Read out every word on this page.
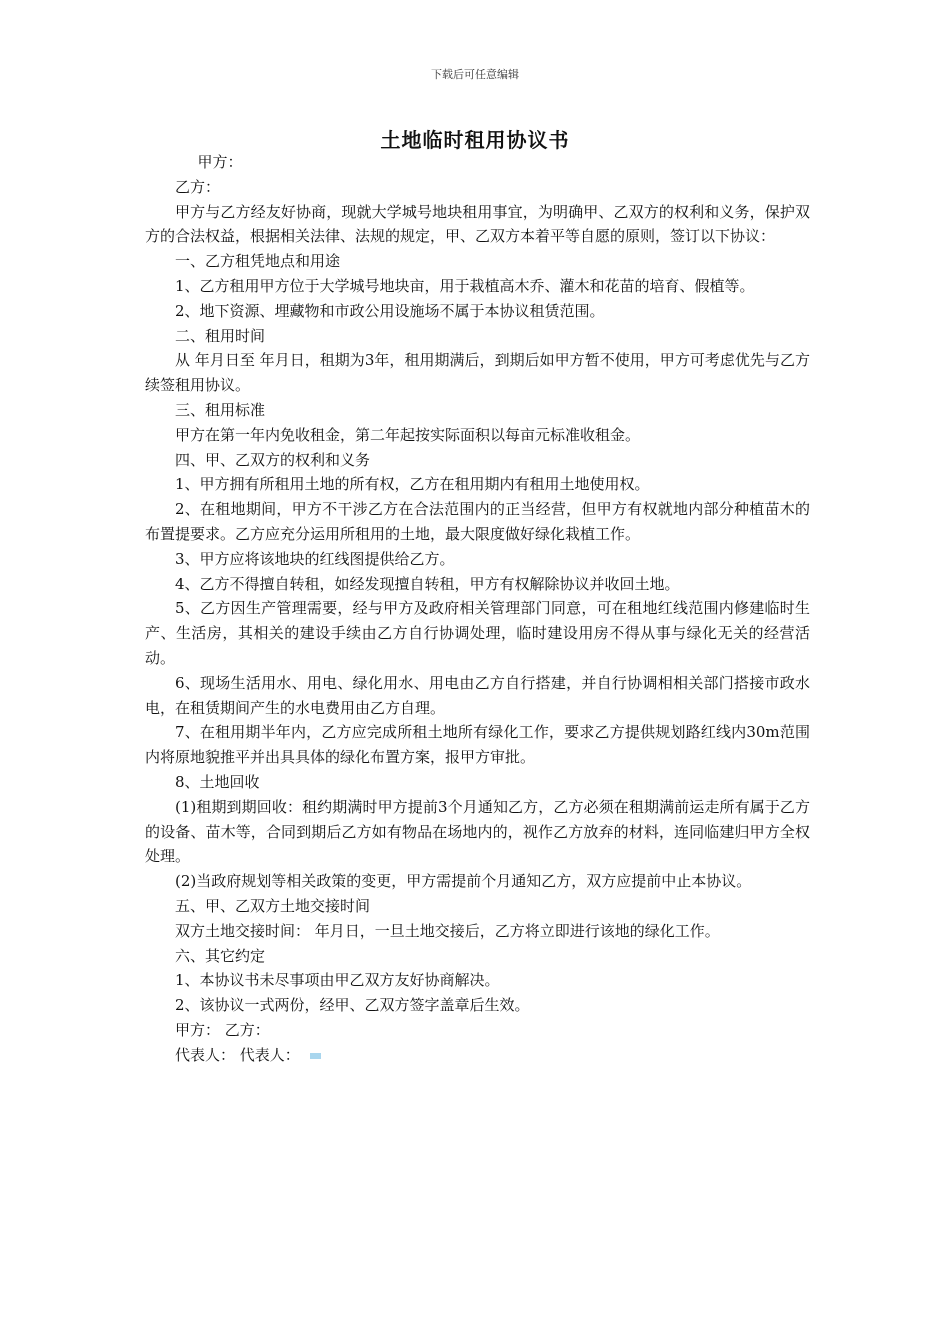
下载后可任意编辑
土地临时租用协议书

甲方：

乙方：

甲方与乙方经友好协商，现就大学城号地块租用事宜，为明确甲、乙双方的权利和义务，保护双方的合法权益，根据相关法律、法规的规定，甲、乙双方本着平等自愿的原则，签订以下协议：

一、乙方租凭地点和用途

1、乙方租用甲方位于大学城号地块亩，用于栽植高木乔、灌木和花苗的培育、假植等。

2、地下资源、埋藏物和市政公用设施场不属于本协议租赁范围。

二、租用时间

从 年月日至 年月日，租期为3年，租用期满后，到期后如甲方暂不使用，甲方可考虑优先与乙方续签租用协议。

三、租用标准

甲方在第一年内免收租金，第二年起按实际面积以每亩元标准收租金。

四、甲、乙双方的权利和义务

1、甲方拥有所租用土地的所有权，乙方在租用期内有租用土地使用权。

2、在租地期间，甲方不干涉乙方在合法范围内的正当经营，但甲方有权就地内部分种植苗木的布置提要求。乙方应充分运用所租用的土地，最大限度做好绿化栽植工作。

3、甲方应将该地块的红线图提供给乙方。

4、乙方不得擅自转租，如经发现擅自转租，甲方有权解除协议并收回土地。

5、乙方因生产管理需要，经与甲方及政府相关管理部门同意，可在租地红线范围内修建临时生产、生活房，其相关的建设手续由乙方自行协调处理，临时建设用房不得从事与绿化无关的经营活动。

6、现场生活用水、用电、绿化用水、用电由乙方自行搭建，并自行协调相相关部门搭接市政水电，在租赁期间产生的水电费用由乙方自理。

7、在租用期半年内，乙方应完成所租土地所有绿化工作，要求乙方提供规划路红线内30m范围内将原地貌推平并出具具体的绿化布置方案，报甲方审批。

8、土地回收

(1)租期到期回收：租约期满时甲方提前3个月通知乙方，乙方必须在租期满前运走所有属于乙方的设备、苗木等，合同到期后乙方如有物品在场地内的，视作乙方放弃的材料，连同临建归甲方全权处理。

(2)当政府规划等相关政策的变更，甲方需提前个月通知乙方，双方应提前中止本协议。

五、甲、乙双方土地交接时间

双方土地交接时间： 年月日，一旦土地交接后，乙方将立即进行该地的绿化工作。

六、其它约定

1、本协议书未尽事项由甲乙双方友好协商解决。

2、该协议一式两份，经甲、乙双方签字盖章后生效。

甲方： 乙方：

代表人： 代表人：
